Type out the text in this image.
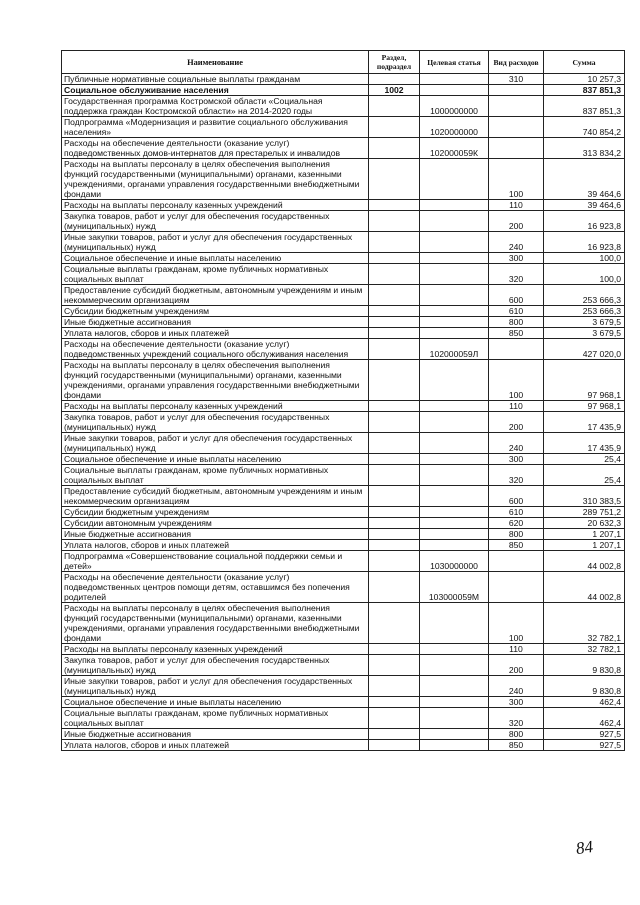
Наименование	Раздел, подраздел	Целевая статья	Вид расходов	Сумма
Публичные нормативные социальные выплаты гражданам			310	10 257,3
Социальное обслуживание населения	1002			837 851,3
Государственная программа Костромской области «Социальная поддержка граждан Костромской области» на 2014-2020 годы		1000000000		837 851,3
Подпрограмма «Модернизация и развитие социального обслуживания населения»		1020000000		740 854,2
Расходы на обеспечение деятельности (оказание услуг) подведомственных домов-интернатов для престарелых и инвалидов		102000059К		313 834,2
Расходы на выплаты персоналу в целях обеспечения выполнения функций государственными (муниципальными) органами, казенными учреждениями, органами управления государственными внебюджетными фондами			100	39 464,6
Расходы на выплаты персоналу казенных учреждений			110	39 464,6
Закупка товаров, работ и услуг для обеспечения государственных (муниципальных) нужд			200	16 923,8
Иные закупки товаров, работ и услуг для обеспечения государственных (муниципальных) нужд			240	16 923,8
Социальное обеспечение и иные выплаты населению			300	100,0
Социальные выплаты гражданам, кроме публичных нормативных социальных выплат			320	100,0
Предоставление субсидий бюджетным, автономным учреждениям и иным некоммерческим организациям			600	253 666,3
Субсидии бюджетным учреждениям			610	253 666,3
Иные бюджетные ассигнования			800	3 679,5
Уплата налогов, сборов и иных платежей			850	3 679,5
Расходы на обеспечение деятельности (оказание услуг) подведомственных учреждений социального обслуживания населения		102000059Л		427 020,0
Расходы на выплаты персоналу в целях обеспечения выполнения функций государственными (муниципальными) органами, казенными учреждениями, органами управления государственными внебюджетными фондами			100	97 968,1
Расходы на выплаты персоналу казенных учреждений			110	97 968,1
Закупка товаров, работ и услуг для обеспечения государственных (муниципальных) нужд			200	17 435,9
Иные закупки товаров, работ и услуг для обеспечения государственных (муниципальных) нужд			240	17 435,9
Социальное обеспечение и иные выплаты населению			300	25,4
Социальные выплаты гражданам, кроме публичных нормативных социальных выплат			320	25,4
Предоставление субсидий бюджетным, автономным учреждениям и иным некоммерческим организациям			600	310 383,5
Субсидии бюджетным учреждениям			610	289 751,2
Субсидии автономным учреждениям			620	20 632,3
Иные бюджетные ассигнования			800	1 207,1
Уплата налогов, сборов и иных платежей			850	1 207,1
Подпрограмма «Совершенствование социальной поддержки семьи и детей»		1030000000		44 002,8
Расходы на обеспечение деятельности (оказание услуг) подведомственных центров помощи детям, оставшимся без попечения родителей		103000059М		44 002,8
Расходы на выплаты персоналу в целях обеспечения выполнения функций государственными (муниципальными) органами, казенными учреждениями, органами управления государственными внебюджетными фондами			100	32 782,1
Расходы на выплаты персоналу казенных учреждений			110	32 782,1
Закупка товаров, работ и услуг для обеспечения государственных (муниципальных) нужд			200	9 830,8
Иные закупки товаров, работ и услуг для обеспечения государственных (муниципальных) нужд			240	9 830,8
Социальное обеспечение и иные выплаты населению			300	462,4
Социальные выплаты гражданам, кроме публичных нормативных социальных выплат			320	462,4
Иные бюджетные ассигнования			800	927,5
Уплата налогов, сборов и иных платежей			850	927,5
84
